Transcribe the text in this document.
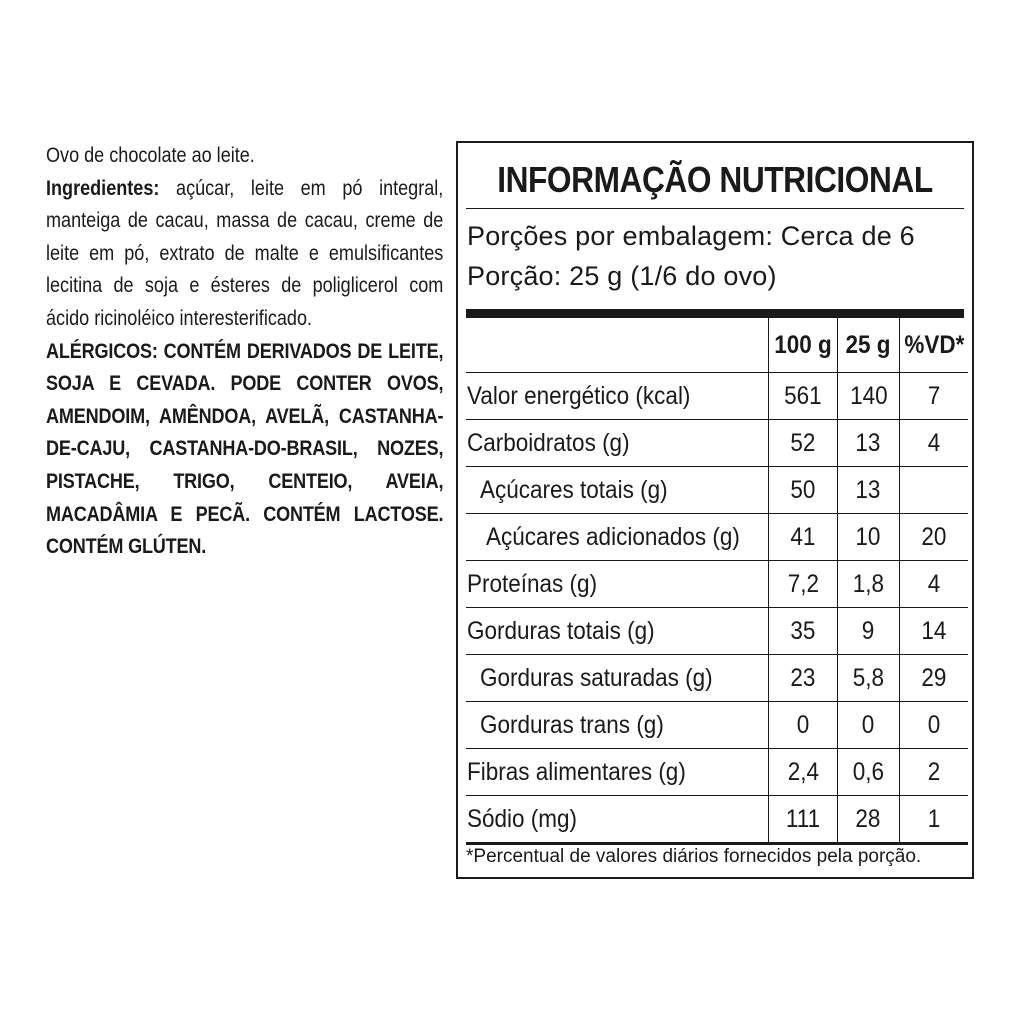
Ovo de chocolate ao leite.

Ingredientes: açúcar, leite em pó integral, manteiga de cacau, massa de cacau, creme de leite em pó, extrato de malte e emulsificantes lecitina de soja e ésteres de poliglicerol com ácido ricinoléico interesterificado.

ALÉRGICOS: CONTÉM DERIVADOS DE LEITE, SOJA E CEVADA. PODE CONTER OVOS, AMENDOIM, AMÊNDOA, AVELÃ, CASTANHA-DE-CAJU, CASTANHA-DO-BRASIL, NOZES, PISTACHE, TRIGO, CENTEIO, AVEIA, MACADÂMIA E PECÃ. CONTÉM LACTOSE. CONTÉM GLÚTEN.

INFORMAÇÃO NUTRICIONAL
Porções por embalagem: Cerca de 6
Porção: 25 g (1/6 do ovo)
	100 g	25 g	%VD*
Valor energético (kcal)	561	140	7
Carboidratos (g)	52	13	4
Açúcares totais (g)	50	13	
Açúcares adicionados (g)	41	10	20
Proteínas (g)	7,2	1,8	4
Gorduras totais (g)	35	9	14
Gorduras saturadas (g)	23	5,8	29
Gorduras trans (g)	0	0	0
Fibras alimentares (g)	2,4	0,6	2
Sódio (mg)	111	28	1
*Percentual de valores diários fornecidos pela porção.
